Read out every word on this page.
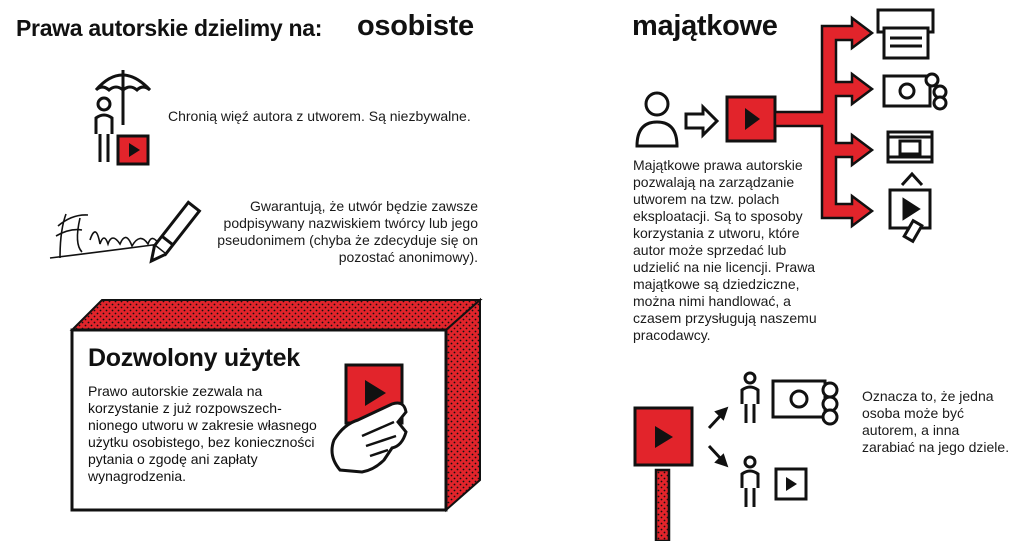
Prawa autorskie dzielimy na: osobiste	majątkowe
Chronią więź autora z utworem. Są niezbywalne.
Gwarantują, że utwór będzie zawsze podpisywany nazwiskiem twórcy lub jego pseudonimem (chyba że zdecyduje się on pozostać anonimowy).
Dozwolony użytek
Prawo autorskie zezwala na korzystanie z już rozpowszech-nionego utworu w zakresie własnego użytku osobistego, bez konieczności pytania o zgodę ani zapłaty wynagrodzenia.
Majątkowe prawa autorskie pozwalają na zarządzanie utworem na tzw. polach eksploatacji. Są to sposoby korzystania z utworu, które autor może sprzedać lub udzielić na nie licencji. Prawa majątkowe są dziedziczne, można nimi handlować, a czasem przysługują naszemu pracodawcy.
Oznacza to, że jedna osoba może być autorem, a inna zarabiać na jego dziele.
